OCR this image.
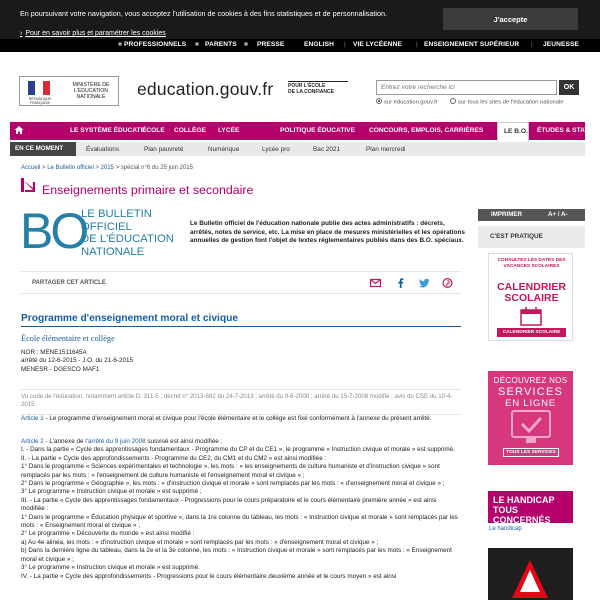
En poursuivant votre navigation, vous acceptez l'utilisation de cookies à des fins statistiques et de personnalisation.
› Pour en savoir plus et paramétrer les cookies
J'accepte
■ PROFESSIONNELS ■ PARENTS ■ PRESSE	ENGLISH | VIE LYCÉENNE | ENSEIGNEMENT SUPÉRIEUR | JEUNESSE
RÉPUBLIQUE FRANÇAISE
MINISTÈRE DE L'ÉDUCATION NATIONALE	education.gouv.fr	POUR L'ÉCOLE
DE LA CONFIANCE
Entrez votre recherche ici
OK
sur education.gouv.fr	sur tous les sites de l'éducation nationale
LE SYSTÈME ÉDUCATIF
ÉCOLE COLLÈGE LYCÉE	POLITIQUE ÉDUCATIVE CONCOURS, EMPLOIS, CARRIÈRES	ÉTUDES & STATS
LE B.O.
EN CE MOMENT	Évaluations	Plan pauvreté	Numérique	Lycée pro	Bac 2021	Plan mercredi
Accueil > Le Bulletin officiel > 2015 > spécial n°6 du 25 juin 2015
Enseignements primaire et secondaire
BO
LE BULLETIN
OFFICIEL
DE L'ÉDUCATION
NATIONALE
Le Bulletin officiel de l'éducation nationale publie des actes administratifs : décrets, arrêtés, notes de service, etc. La mise en place de mesures ministérielles et les opérations annuelles de gestion font l'objet de textes réglementaires publiés dans des B.O. spéciaux.
PARTAGER CET ARTICLE
Programme d'enseignement moral et civique
École élémentaire et collège
NOR : MENE1511645A
arrêté du 12-6-2015 - J.O. du 21-6-2015
MENESR - DGESCO MAF1
Vu code de l'éducation, notamment article D. 311-5 ; décret n° 2013-682 du 24-7-2013 ; arrêté du 9-6-2008 ; arrêté du 15-7-2008 modifié ; avis du CSE du 10-4-2015
Article 1 - Le programme d'enseignement moral et civique pour l'école élémentaire et le collège est fixé conformément à l'annexe du présent arrêté.
Article 2 - L'annexe de l'arrêté du 9 juin 2008 susvisé est ainsi modifiée :
I. - Dans la partie « Cycle des apprentissages fondamentaux - Programme du CP et du CE1 », le programme « Instruction civique et morale » est supprimé.
II. - La partie « Cycle des approfondissements - Programme du CE2, du CM1 et du CM2 » est ainsi modifiée :
1° Dans le programme « Sciences expérimentales et technologie », les mots : « les enseignements de culture humaniste et d'instruction civique » sont remplacés par les mots : « l'enseignement de culture humaniste et l'enseignement moral et civique » ;
2° Dans le programme « Géographie », les mots : « d'instruction civique et morale » sont remplacés par les mots : « d'enseignement moral et civique » ;
3° Le programme « Instruction civique et morale » est supprimé ;
III. - La partie « Cycle des apprentissages fondamentaux - Progressions pour le cours préparatoire et le cours élémentaire première année » est ainsi modifiée :
1° Dans le programme « Éducation physique et sportive », dans la 1re colonne du tableau, les mots : « Instruction civique et morale » sont remplacés par les mots : « Enseignement moral et civique » ;
2° Le programme « Découverte du monde » est ainsi modifié :
a) Au 4e alinéa, les mots : « d'instruction civique et morale » sont remplacés par les mots : « d'enseignement moral et civique » ;
b) Dans la dernière ligne du tableau, dans la 2e et la 3e colonne, les mots : « Instruction civique et morale » sont remplacés par les mots : « Enseignement moral et civique » ;
3° Le programme « Instruction civique et morale » est supprimé.
IV. - La partie « Cycle des approfondissements - Progressions pour le cours élémentaire deuxième année et le cours moyen » est ainsi
IMPRIMER	A+ / A-
C'EST PRATIQUE
CONSULTEZ LES DATES DES VACANCES SCOLAIRES
CALENDRIER SCOLAIRE
CALENDRIER SCOLAIRE
DÉCOUVREZ NOS
SERVICES
EN LIGNE
TOUS LES SERVICES
LE HANDICAP
TOUS CONCERNÉS
Le handicap
